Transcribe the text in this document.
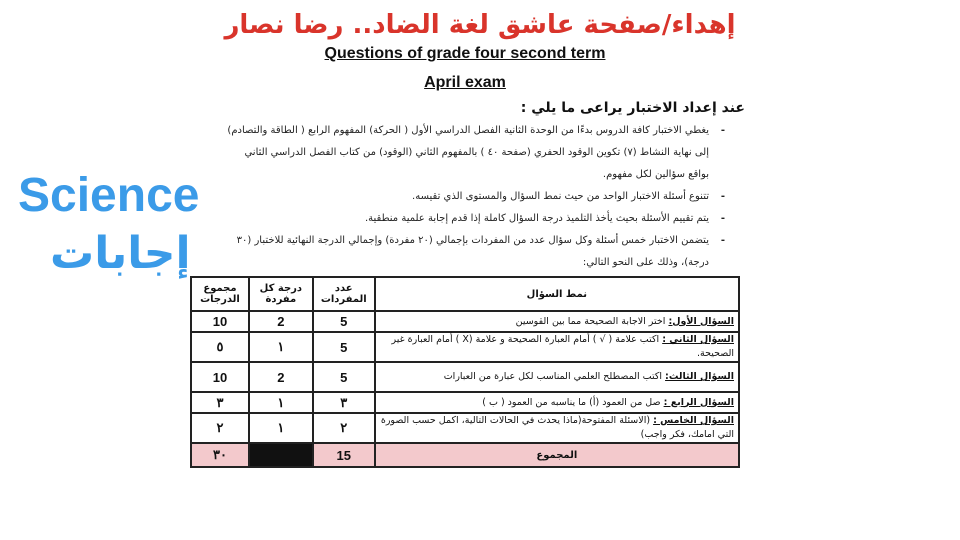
إهداء/صفحة عاشق لغة الضاد.. رضا نصار
Questions of grade four second term
April exam
Science
إجابات
عند إعداد الاختبار يراعى ما يلي :
- يغطي الاختبار كافة الدروس بدءًا من الوحدة الثانية الفصل الدراسي الأول ( الحركة) المفهوم الرابع ( الطاقة والتصادم) إلى نهاية النشاط (٧) تكوين الوقود الحفري (صفحة ٤٠ ) بالمفهوم الثاني (الوقود) من كتاب الفصل الدراسي الثاني بواقع سؤالين لكل مفهوم.
- تتنوع أسئلة الاختبار الواحد من حيث نمط السؤال والمستوى الذي تقيسه.
- يتم تقييم الأسئلة بحيث يأخذ التلميذ درجة السؤال كاملة إذا قدم إجابة علمية منطقية.
- يتضمن الاختبار خمس أسئلة وكل سؤال عدد من المفردات بإجمالي (٢٠ مفردة) وإجمالي الدرجة النهائية للاختبار (٣٠ درجة)، وذلك على النحو التالي:
مجموع الدرجات	درجة كل مفردة	عدد المفردات	نمط السؤال
10	2	5	السؤال الأول: اختر الاجابة الصحيحة مما بين القوسين
٥	١	5	السؤال الثاني : اكتب علامة ( √ ) أمام العبارة الصحيحة و علامة (X ) أمام العبارة غير الصحيحة.
10	2	5	السؤال الثالث: اكتب المصطلح العلمي المناسب لكل عبارة من العبارات
٣	١	٣	السؤال الرابع : صل من العمود (أ) ما يناسبه من العمود ( ب )
٢	١	٢	السؤال الخامس : (الاسئلة المفتوحة(ماذا يحدث في الحالات التالية، اكمل حسب الصورة التي امامك، فكر واجب)
٣٠		15	المجموع
